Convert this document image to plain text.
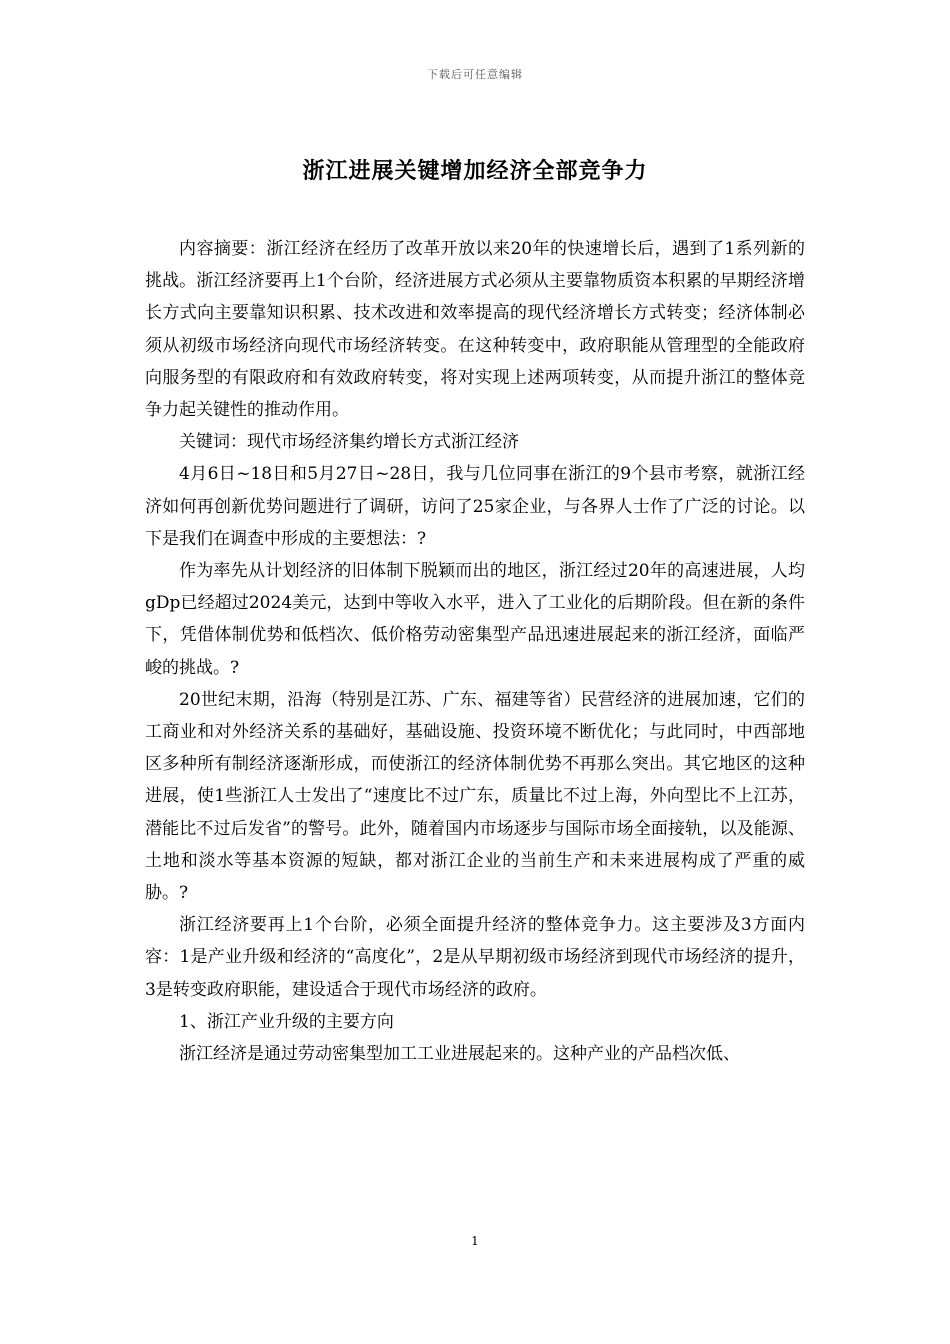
下载后可任意编辑
浙江进展关键增加经济全部竞争力

内容摘要：浙江经济在经历了改革开放以来20年的快速增长后，遇到了1系列新的挑战。浙江经济要再上1个台阶，经济进展方式必须从主要靠物质资本积累的早期经济增长方式向主要靠知识积累、技术改进和效率提高的现代经济增长方式转变；经济体制必须从初级市场经济向现代市场经济转变。在这种转变中，政府职能从管理型的全能政府向服务型的有限政府和有效政府转变，将对实现上述两项转变，从而提升浙江的整体竞争力起关键性的推动作用。

关键词：现代市场经济集约增长方式浙江经济

4月6日~18日和5月27日~28日，我与几位同事在浙江的9个县市考察，就浙江经济如何再创新优势问题进行了调研，访问了25家企业，与各界人士作了广泛的讨论。以下是我们在调查中形成的主要想法：?

作为率先从计划经济的旧体制下脱颖而出的地区，浙江经过20年的高速进展，人均gDp已经超过2024美元，达到中等收入水平，进入了工业化的后期阶段。但在新的条件下，凭借体制优势和低档次、低价格劳动密集型产品迅速进展起来的浙江经济，面临严峻的挑战。?

20世纪末期，沿海（特别是江苏、广东、福建等省）民营经济的进展加速，它们的工商业和对外经济关系的基础好，基础设施、投资环境不断优化；与此同时，中西部地区多种所有制经济逐渐形成，而使浙江的经济体制优势不再那么突出。其它地区的这种进展，使1些浙江人士发出了“速度比不过广东，质量比不过上海，外向型比不上江苏，潜能比不过后发省”的警号。此外，随着国内市场逐步与国际市场全面接轨，以及能源、土地和淡水等基本资源的短缺，都对浙江企业的当前生产和未来进展构成了严重的威胁。?

浙江经济要再上1个台阶，必须全面提升经济的整体竞争力。这主要涉及3方面内容：1是产业升级和经济的“高度化”，2是从早期初级市场经济到现代市场经济的提升，3是转变政府职能，建设适合于现代市场经济的政府。

1、浙江产业升级的主要方向

浙江经济是通过劳动密集型加工工业进展起来的。这种产业的产品档次低、

1
